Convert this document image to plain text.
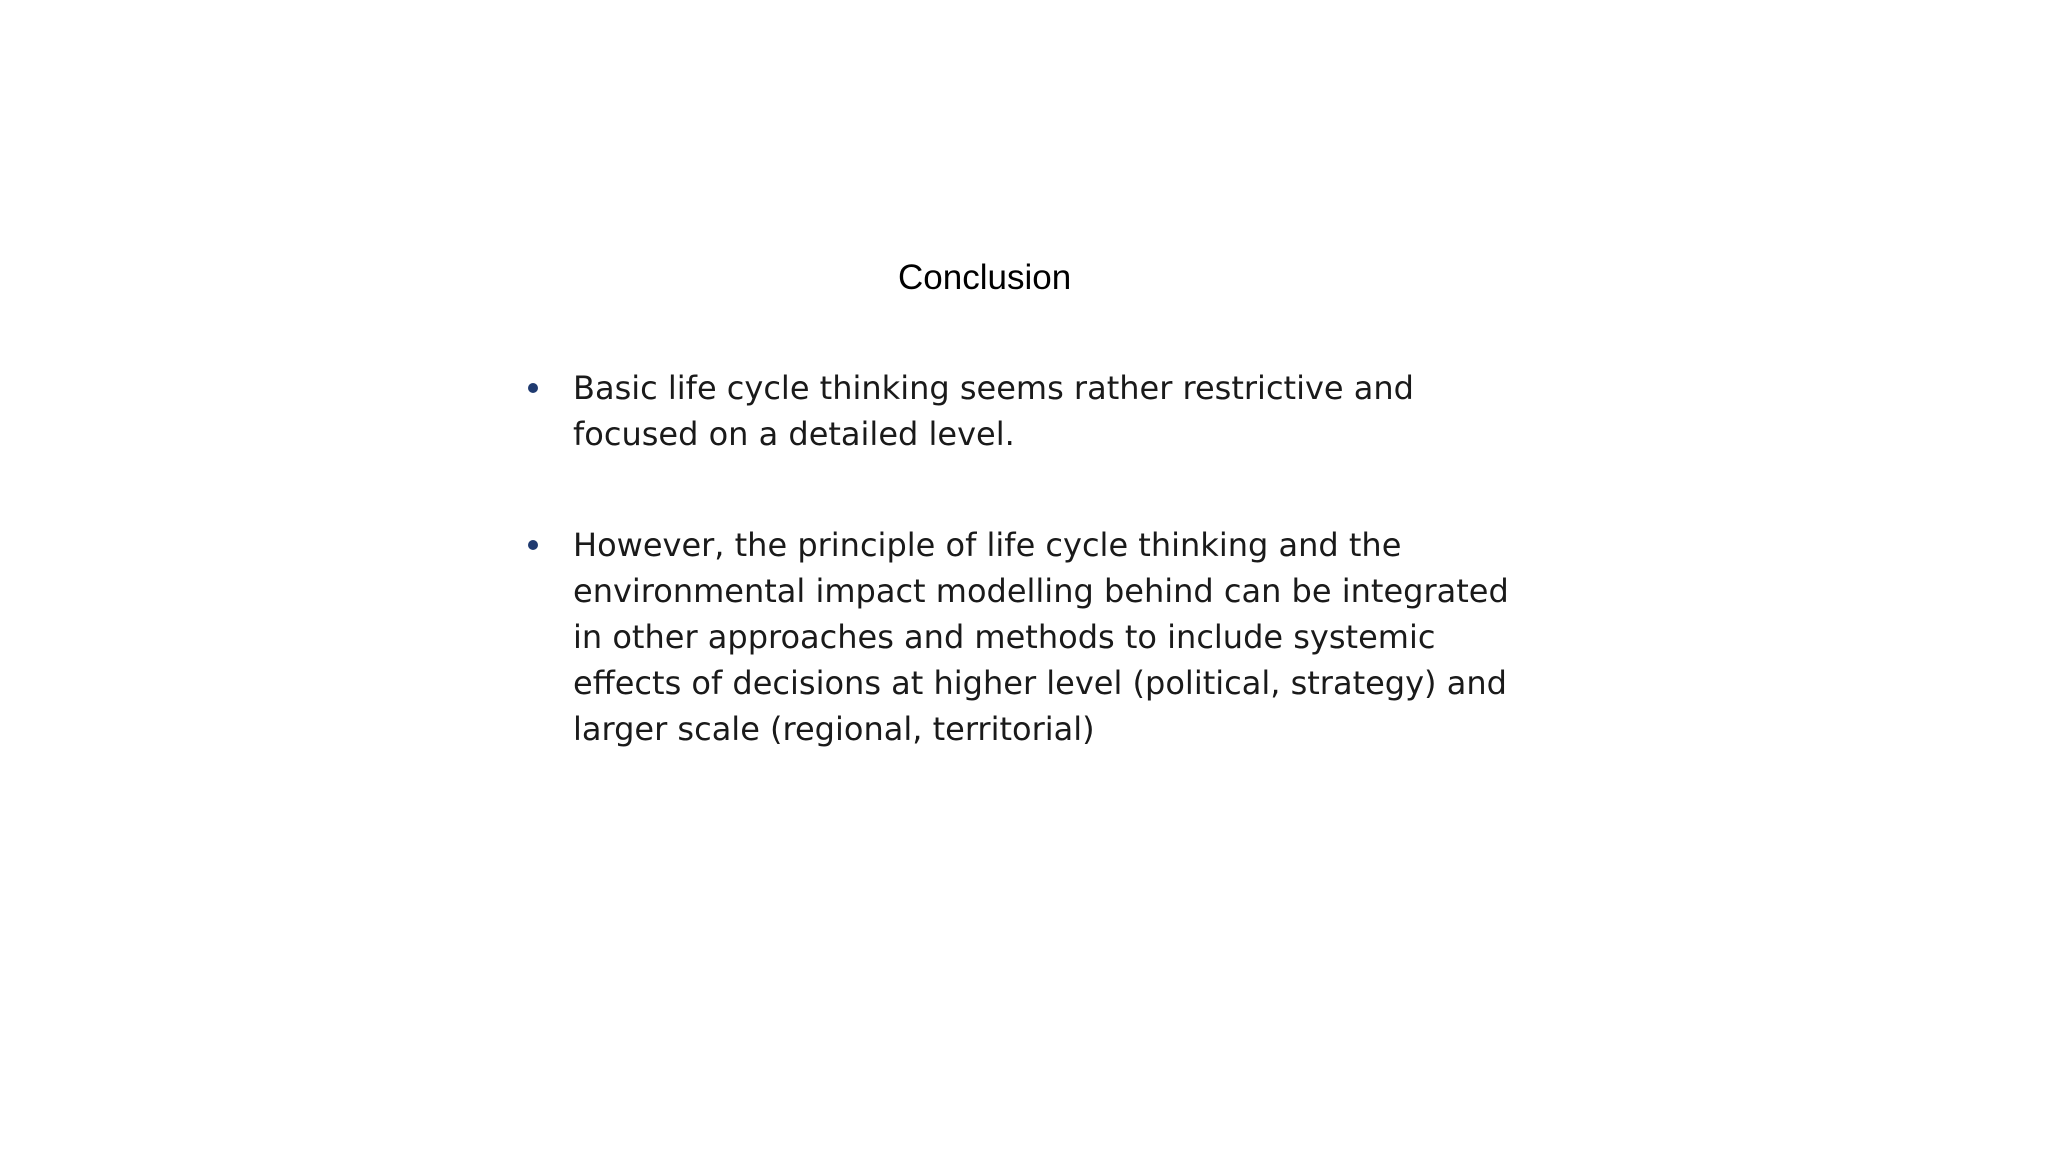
Conclusion
Basic life cycle thinking seems rather restrictive and focused on a detailed level.
However, the principle of life cycle thinking and the environmental impact modelling behind can be integrated in other approaches and methods to include systemic effects of decisions at higher level (political, strategy) and larger scale (regional, territorial)
